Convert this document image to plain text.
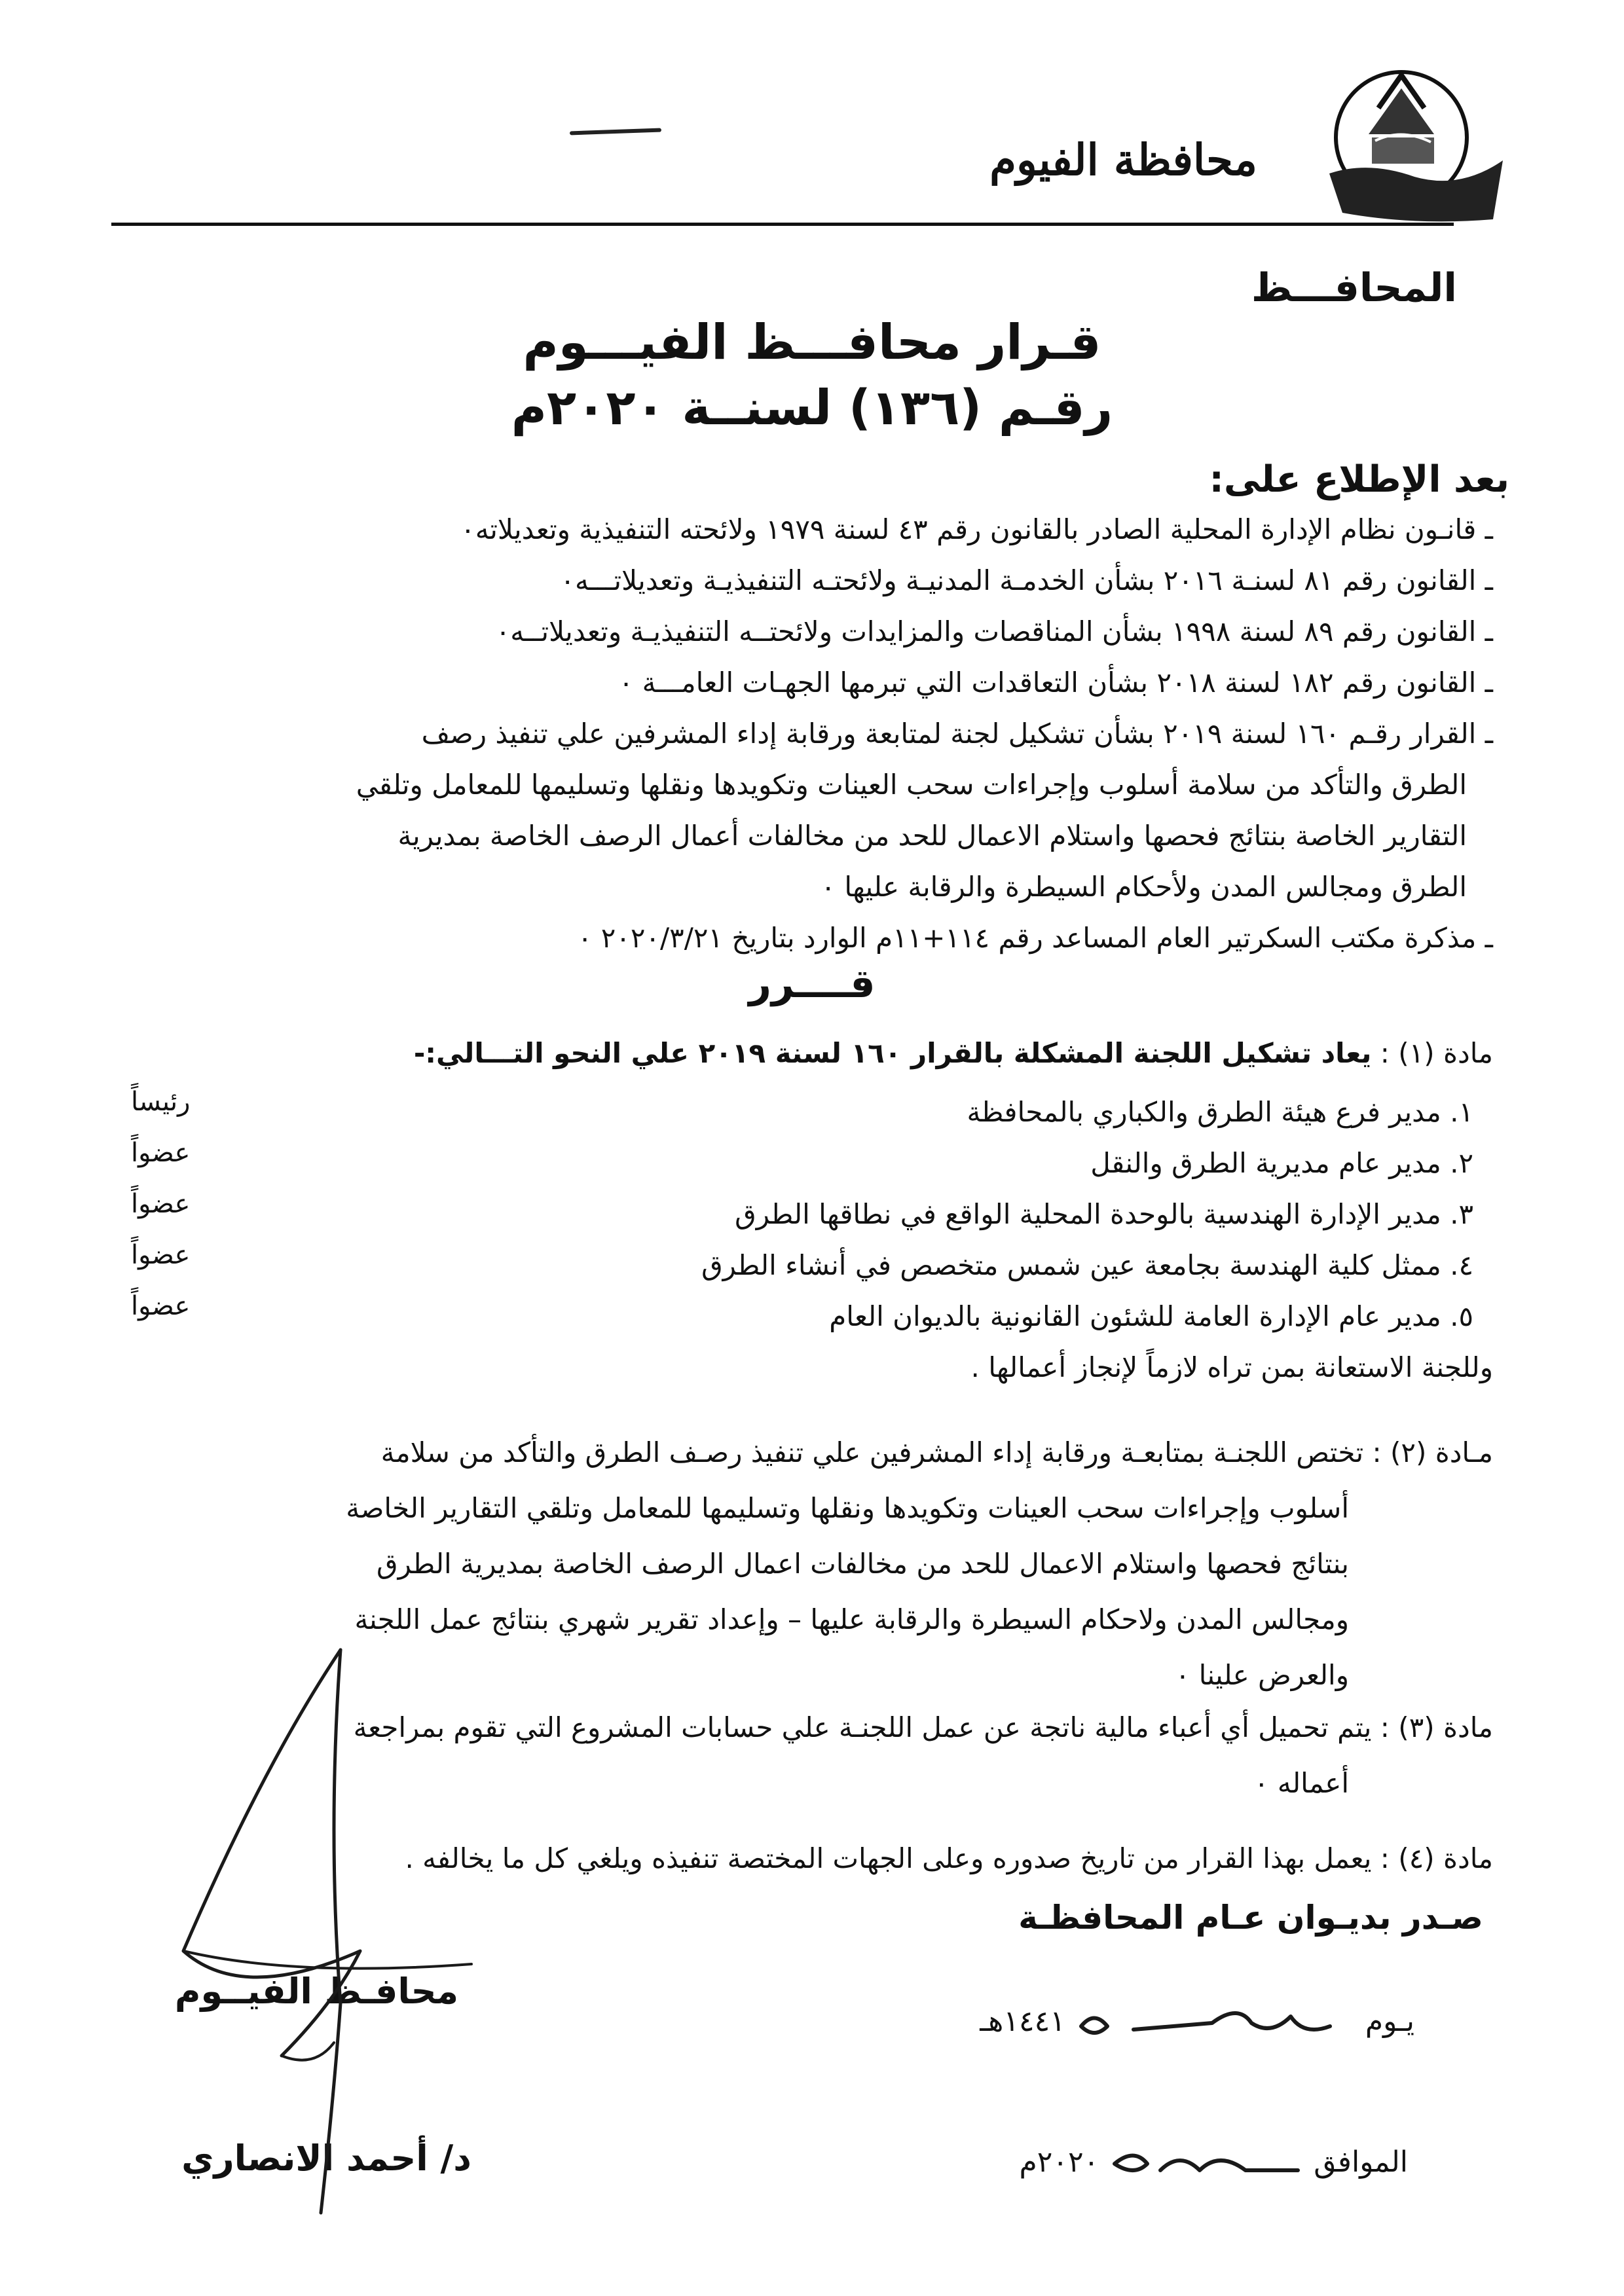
محافظة الفيوم
المحافـــظ
قـرار محافـــظ الفيـــوم
رقـم (١٣٦) لسنــة ٢٠٢٠م
بعد الإطلاع على:
ـ قانـون نظام الإدارة المحلية الصادر بالقانون رقم ٤٣ لسنة ١٩٧٩ ولائحته التنفيذية وتعديلاته٠
ـ القانون رقم ٨١ لسنـة ٢٠١٦ بشأن الخدمـة المدنيـة ولائحتـه التنفيذيـة وتعديلاتـــه٠
ـ القانون رقم ٨٩ لسنة ١٩٩٨ بشأن المناقصات والمزايدات ولائحتــه التنفيذيـة وتعديلاتــه٠
ـ القانون رقم ١٨٢ لسنة ٢٠١٨ بشأن التعاقدات التي تبرمها الجهـات العامـــة ٠
ـ القرار رقـم ١٦٠ لسنة ٢٠١٩ بشأن تشكيل لجنة لمتابعة ورقابة إداء المشرفين علي تنفيذ رصف
الطرق والتأكد من سلامة أسلوب وإجراءات سحب العينات وتكويدها ونقلها وتسليمها للمعامل وتلقي
التقارير الخاصة بنتائج فحصها واستلام الاعمال للحد من مخالفات أعمال الرصف الخاصة بمديرية
الطرق ومجالس المدن ولأحكام السيطرة والرقابة عليها ٠
ـ مذكرة مكتب السكرتير العام المساعد رقم ١١٤+١١م الوارد بتاريخ ٢٠٢٠/٣/٢١ ٠
قــــرر
مادة (١) : يعاد تشكيل اللجنة المشكلة بالقرار ١٦٠ لسنة ٢٠١٩ علي النحو التـــالي:-
١. مدير فرع هيئة الطرق والكباري بالمحافظة
رئيساً
٢. مدير عام مديرية الطرق والنقل
عضواً
٣. مدير الإدارة الهندسية بالوحدة المحلية الواقع في نطاقها الطرق
عضواً
٤. ممثل كلية الهندسة بجامعة عين شمس متخصص في أنشاء الطرق
عضواً
٥. مدير عام الإدارة العامة للشئون القانونية بالديوان العام
عضواً
وللجنة الاستعانة بمن تراه لازماً لإنجاز أعمالها .
مـادة (٢) : تختص اللجنـة بمتابعـة ورقابة إداء المشرفين علي تنفيذ رصـف الطرق والتأكد من سلامة
أسلوب وإجراءات سحب العينات وتكويدها ونقلها وتسليمها للمعامل وتلقي التقارير الخاصة
بنتائج فحصها واستلام الاعمال للحد من مخالفات اعمال الرصف الخاصة بمديرية الطرق
ومجالس المدن ولاحكام السيطرة والرقابة عليها – وإعداد تقرير شهري بنتائج عمل اللجنة
والعرض علينا ٠
مادة (٣) : يتم تحميل أي أعباء مالية ناتجة عن عمل اللجنـة علي حسابات المشروع التي تقوم بمراجعة
أعماله ٠
مادة (٤) : يعمل بهذا القرار من تاريخ صدوره وعلى الجهات المختصة تنفيذه ويلغي كل ما يخالفه .
صـدر بديـوان عـام المحافظـة
يـوم  ١٤٤١هـ
الموافق  ٢٠٢٠م
محافـظ الفيــوم
د/ أحمد الانصاري
